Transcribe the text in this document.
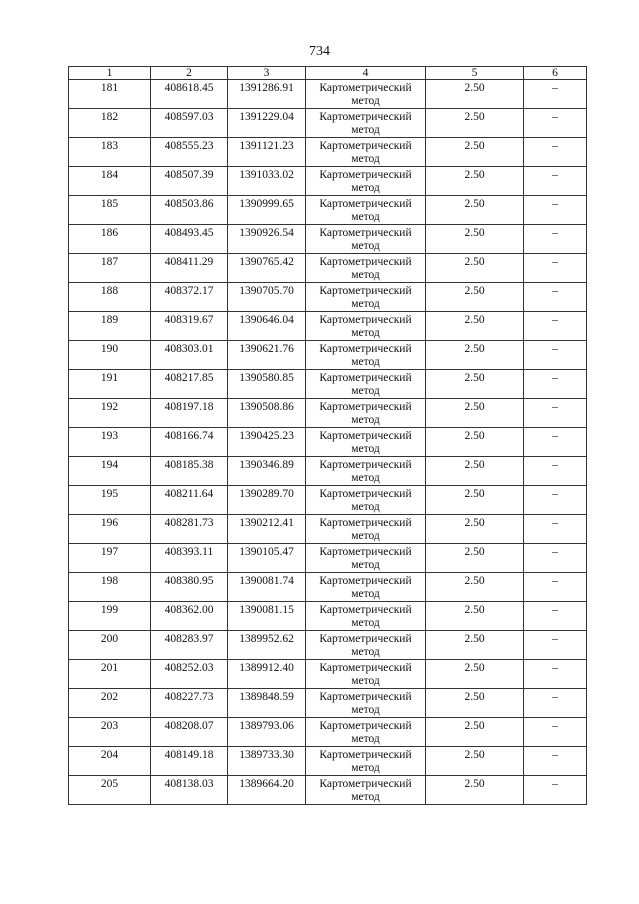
734
1	2	3	4	5	6
181	408618.45	1391286.91	Картометрический
метод	2.50	–
182	408597.03	1391229.04	Картометрический
метод	2.50	–
183	408555.23	1391121.23	Картометрический
метод	2.50	–
184	408507.39	1391033.02	Картометрический
метод	2.50	–
185	408503.86	1390999.65	Картометрический
метод	2.50	–
186	408493.45	1390926.54	Картометрический
метод	2.50	–
187	408411.29	1390765.42	Картометрический
метод	2.50	–
188	408372.17	1390705.70	Картометрический
метод	2.50	–
189	408319.67	1390646.04	Картометрический
метод	2.50	–
190	408303.01	1390621.76	Картометрический
метод	2.50	–
191	408217.85	1390580.85	Картометрический
метод	2.50	–
192	408197.18	1390508.86	Картометрический
метод	2.50	–
193	408166.74	1390425.23	Картометрический
метод	2.50	–
194	408185.38	1390346.89	Картометрический
метод	2.50	–
195	408211.64	1390289.70	Картометрический
метод	2.50	–
196	408281.73	1390212.41	Картометрический
метод	2.50	–
197	408393.11	1390105.47	Картометрический
метод	2.50	–
198	408380.95	1390081.74	Картометрический
метод	2.50	–
199	408362.00	1390081.15	Картометрический
метод	2.50	–
200	408283.97	1389952.62	Картометрический
метод	2.50	–
201	408252.03	1389912.40	Картометрический
метод	2.50	–
202	408227.73	1389848.59	Картометрический
метод	2.50	–
203	408208.07	1389793.06	Картометрический
метод	2.50	–
204	408149.18	1389733.30	Картометрический
метод	2.50	–
205	408138.03	1389664.20	Картометрический
метод	2.50	–
